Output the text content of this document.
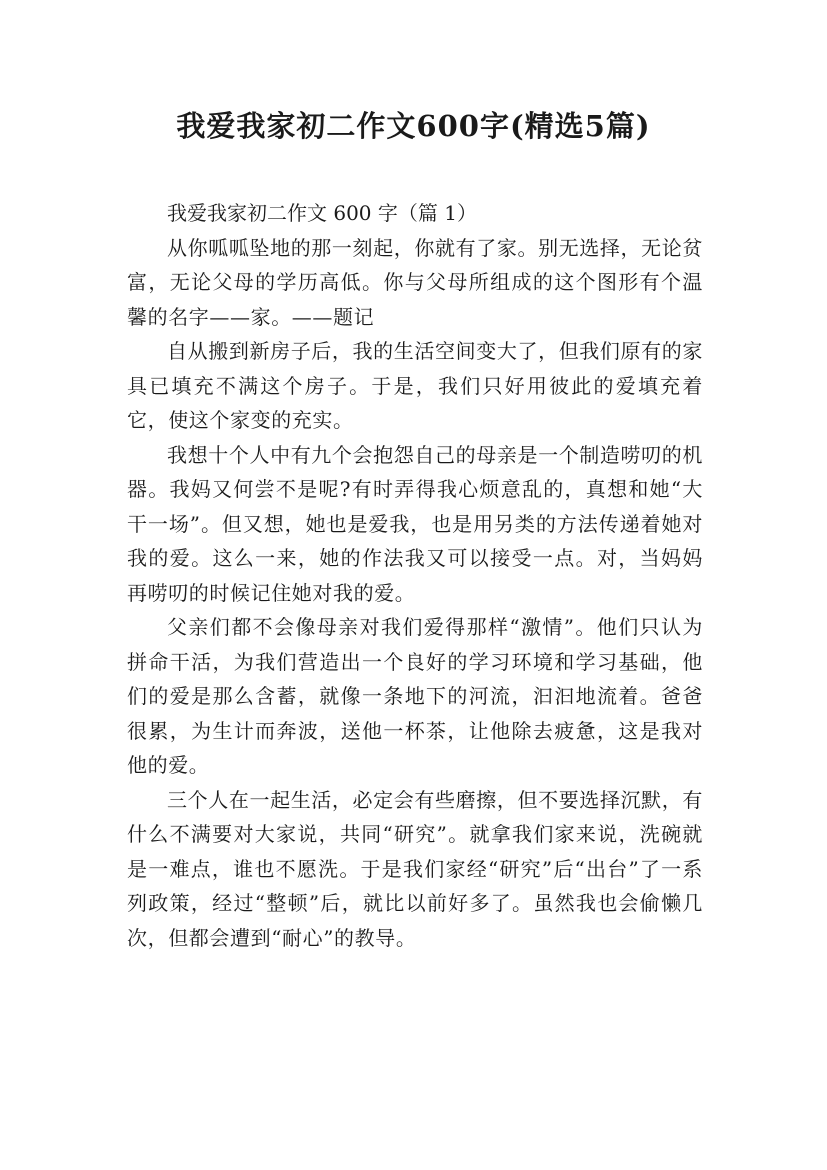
我爱我家初二作文600字(精选5篇)

我爱我家初二作文 600 字（篇 1）

从你呱呱坠地的那一刻起，你就有了家。别无选择，无论贫富，无论父母的学历高低。你与父母所组成的这个图形有个温馨的名字——家。——题记

自从搬到新房子后，我的生活空间变大了，但我们原有的家具已填充不满这个房子。于是，我们只好用彼此的爱填充着它，使这个家变的充实。

我想十个人中有九个会抱怨自己的母亲是一个制造唠叨的机器。我妈又何尝不是呢?有时弄得我心烦意乱的，真想和她“大干一场”。但又想，她也是爱我，也是用另类的方法传递着她对我的爱。这么一来，她的作法我又可以接受一点。对，当妈妈再唠叨的时候记住她对我的爱。

父亲们都不会像母亲对我们爱得那样“激情”。他们只认为拼命干活，为我们营造出一个良好的学习环境和学习基础，他们的爱是那么含蓄，就像一条地下的河流，汩汩地流着。爸爸很累，为生计而奔波，送他一杯茶，让他除去疲惫，这是我对他的爱。

三个人在一起生活，必定会有些磨擦，但不要选择沉默，有什么不满要对大家说，共同“研究”。就拿我们家来说，洗碗就是一难点，谁也不愿洗。于是我们家经“研究”后“出台”了一系列政策，经过“整顿”后，就比以前好多了。虽然我也会偷懒几次，但都会遭到“耐心”的教导。
